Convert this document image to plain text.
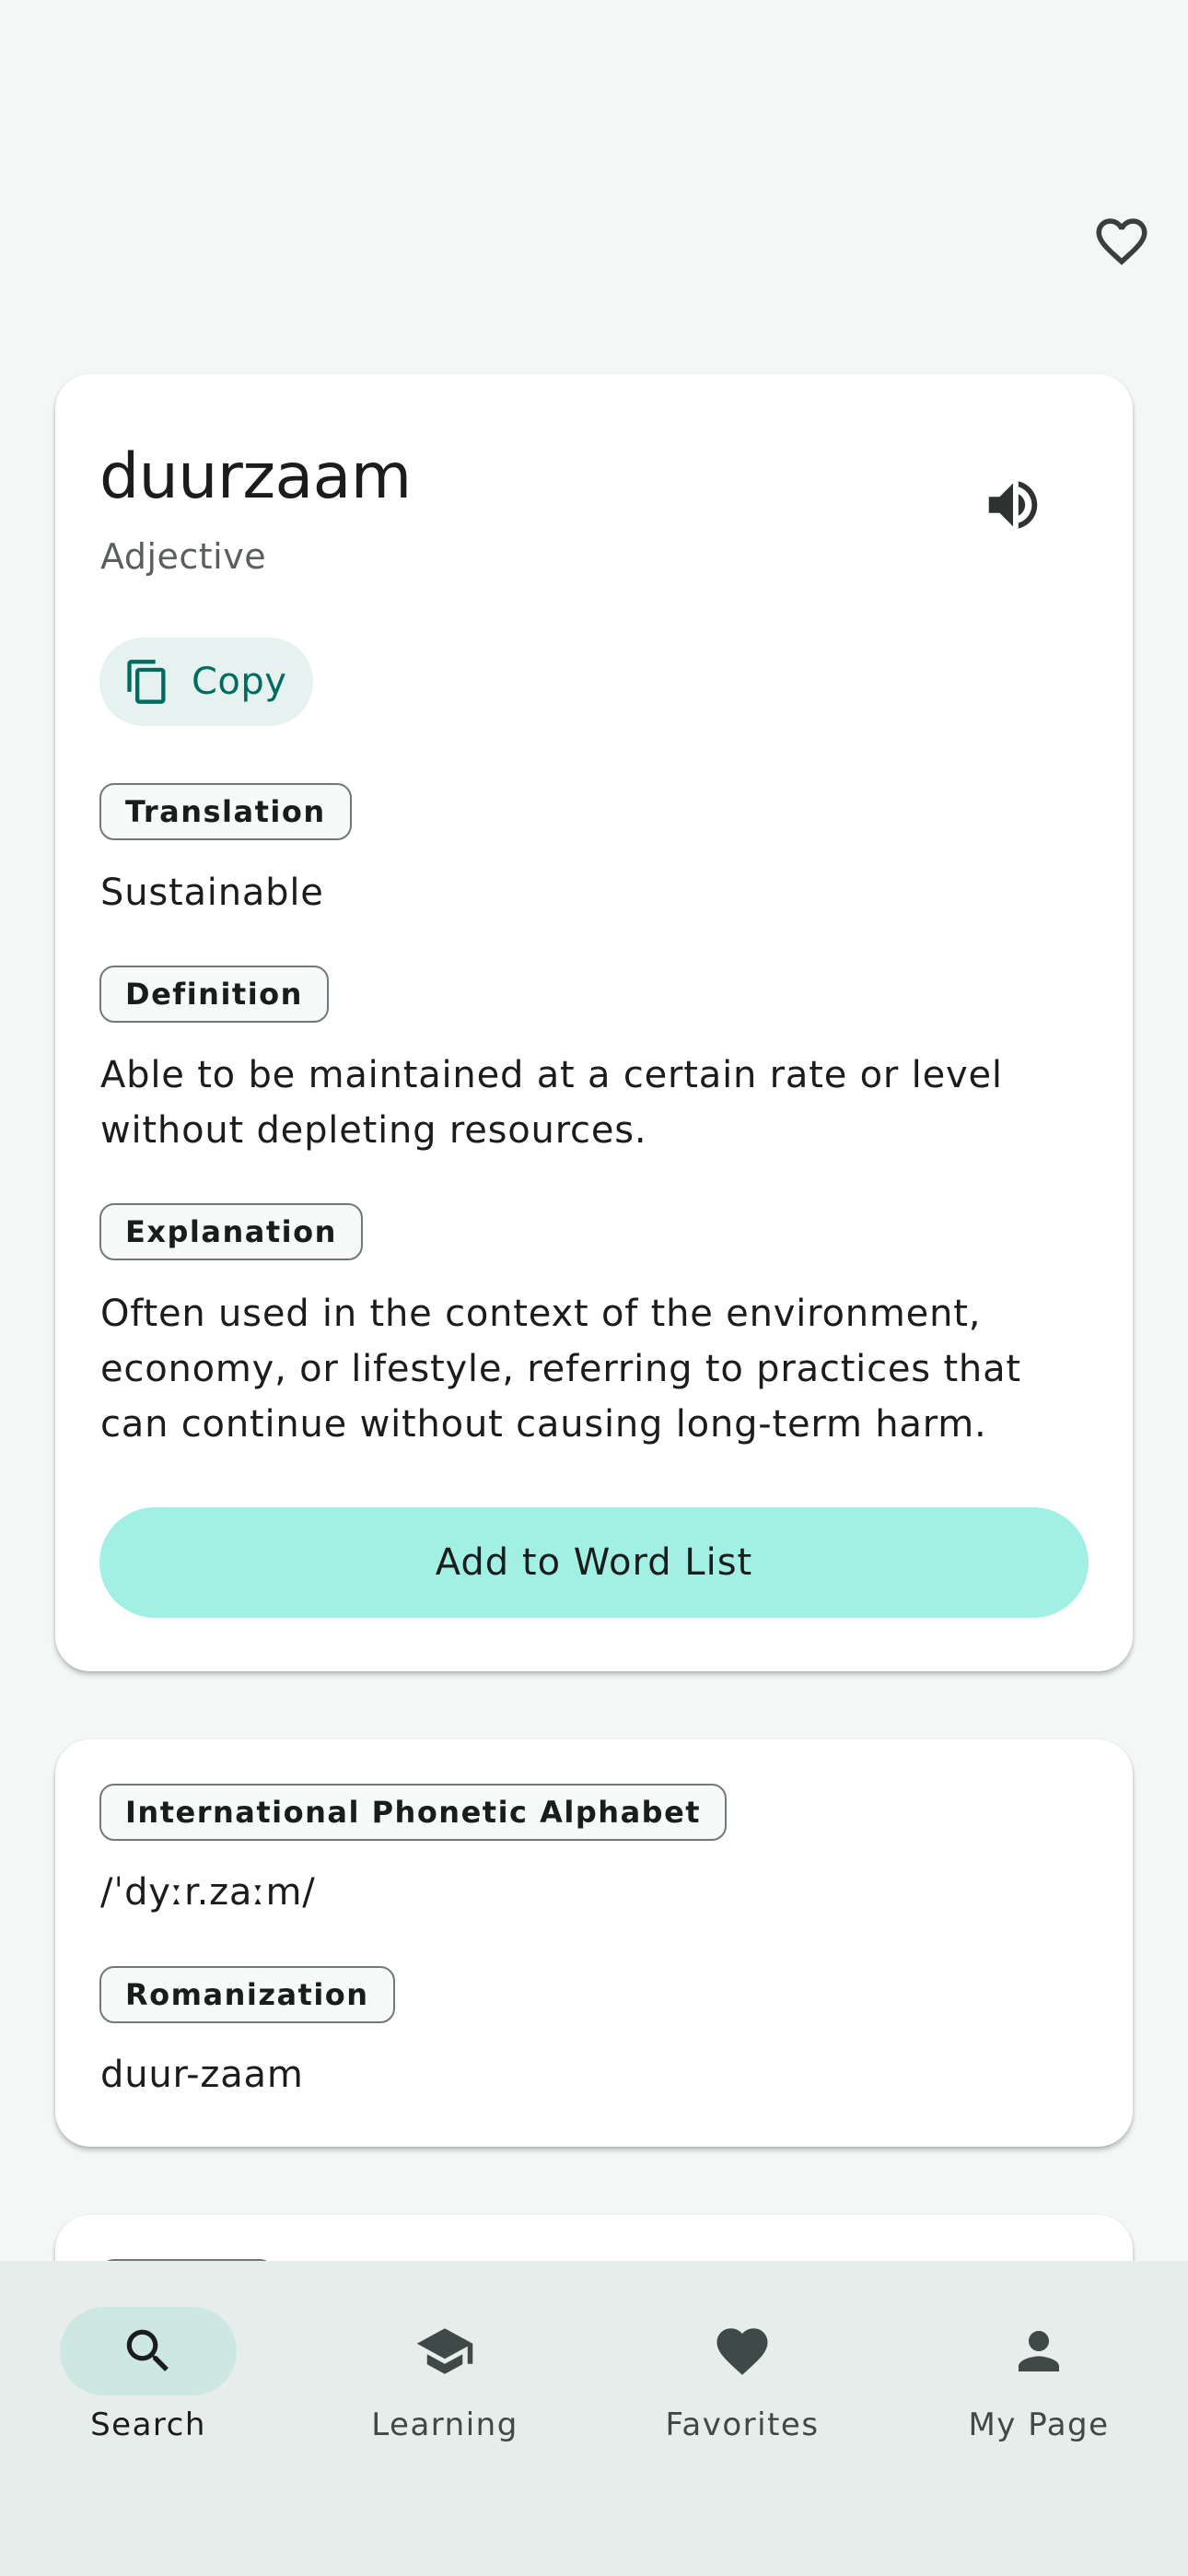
duurzaam
Adjective
Copy
Translation
Sustainable
Definition
Able to be maintained at a certain rate or level without depleting resources.
Explanation
Often used in the context of the environment, economy, or lifestyle, referring to practices that can continue without causing long-term harm.
Add to Word List
International Phonetic Alphabet
/ˈdyːr.zaːm/
Romanization
duur-zaam
Search	Learning	Favorites	My Page
